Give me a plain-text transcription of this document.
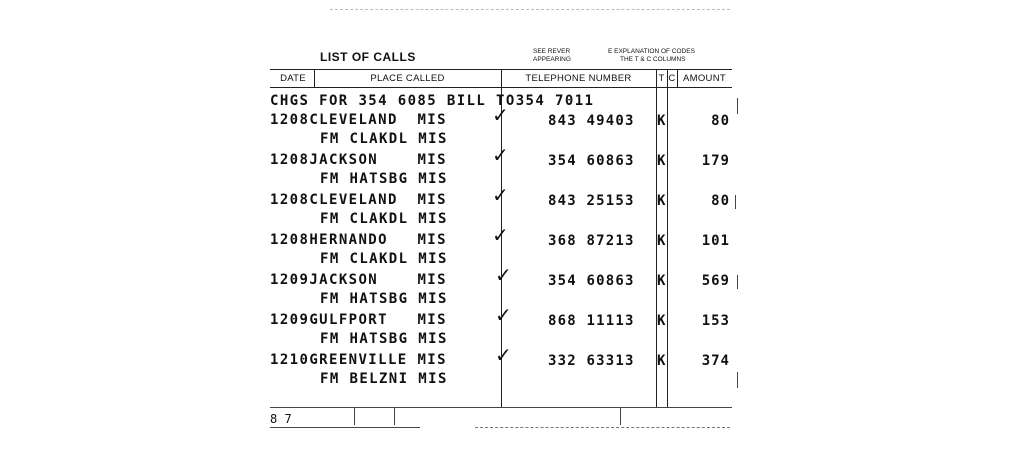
LIST OF CALLS	SEE REVER
APPEARING
E EXPLANATION OF CODES
THE T & C COLUMNS
DATE	PLACE CALLED	TELEPHONE NUMBER	T C AMOUNT
CHGS FOR 354 6085 BILL TO354 7011
1208CLEVELAND  MIS ✓	843 49403 K	80
FM CLAKDL MIS
1208JACKSON    MIS ✓	354 60863 K	179
FM HATSBG MIS
1208CLEVELAND  MIS ✓	843 25153 K	80
FM CLAKDL MIS
1208HERNANDO   MIS ✓	368 87213 K	101
FM CLAKDL MIS
1209JACKSON    MIS ✓	354 60863 K	569
FM HATSBG MIS
1209GULFPORT   MIS ✓	868 11113 K	153
FM HATSBG MIS
1210GREENVILLE MIS ✓	332 63313 K	374
FM BELZNI MIS
8 7
